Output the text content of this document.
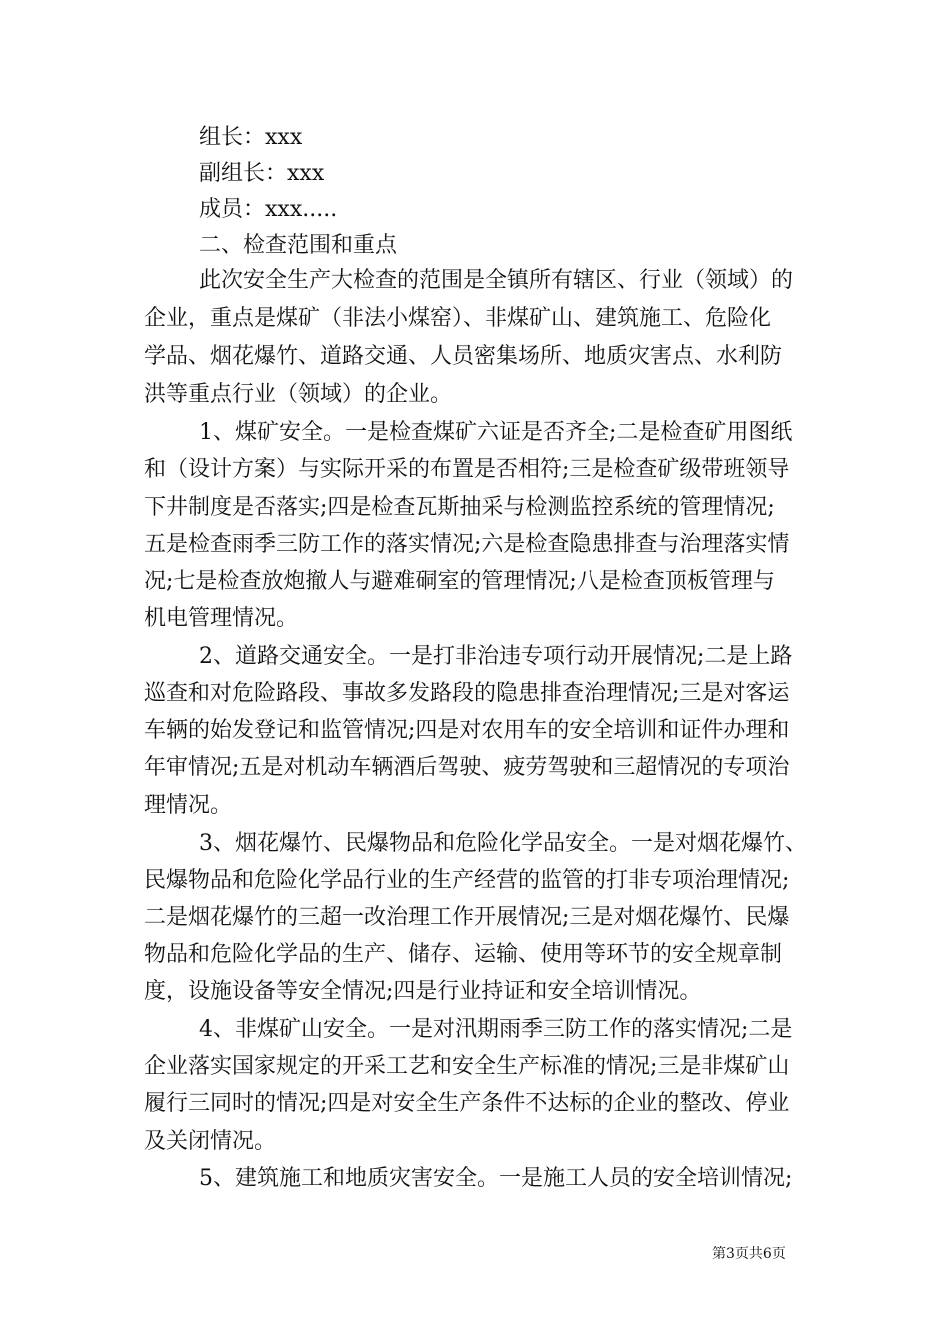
组长：xxx
副组长：xxx
成员：xxx.....
二、检查范围和重点
此次安全生产大检查的范围是全镇所有辖区、行业（领域）的
企业，重点是煤矿（非法小煤窑）、非煤矿山、建筑施工、危险化
学品、烟花爆竹、道路交通、人员密集场所、地质灾害点、水利防
洪等重点行业（领域）的企业。
1、煤矿安全。一是检查煤矿六证是否齐全;二是检查矿用图纸
和（设计方案）与实际开采的布置是否相符;三是检查矿级带班领导
下井制度是否落实;四是检查瓦斯抽采与检测监控系统的管理情况;
五是检查雨季三防工作的落实情况;六是检查隐患排查与治理落实情
况;七是检查放炮撤人与避难硐室的管理情况;八是检查顶板管理与
机电管理情况。
2、道路交通安全。一是打非治违专项行动开展情况;二是上路
巡查和对危险路段、事故多发路段的隐患排查治理情况;三是对客运
车辆的始发登记和监管情况;四是对农用车的安全培训和证件办理和
年审情况;五是对机动车辆酒后驾驶、疲劳驾驶和三超情况的专项治
理情况。
3、烟花爆竹、民爆物品和危险化学品安全。一是对烟花爆竹、
民爆物品和危险化学品行业的生产经营的监管的打非专项治理情况;
二是烟花爆竹的三超一改治理工作开展情况;三是对烟花爆竹、民爆
物品和危险化学品的生产、储存、运输、使用等环节的安全规章制
度，设施设备等安全情况;四是行业持证和安全培训情况。
4、非煤矿山安全。一是对汛期雨季三防工作的落实情况;二是
企业落实国家规定的开采工艺和安全生产标准的情况;三是非煤矿山
履行三同时的情况;四是对安全生产条件不达标的企业的整改、停业
及关闭情况。
5、建筑施工和地质灾害安全。一是施工人员的安全培训情况;
第3页共6页
